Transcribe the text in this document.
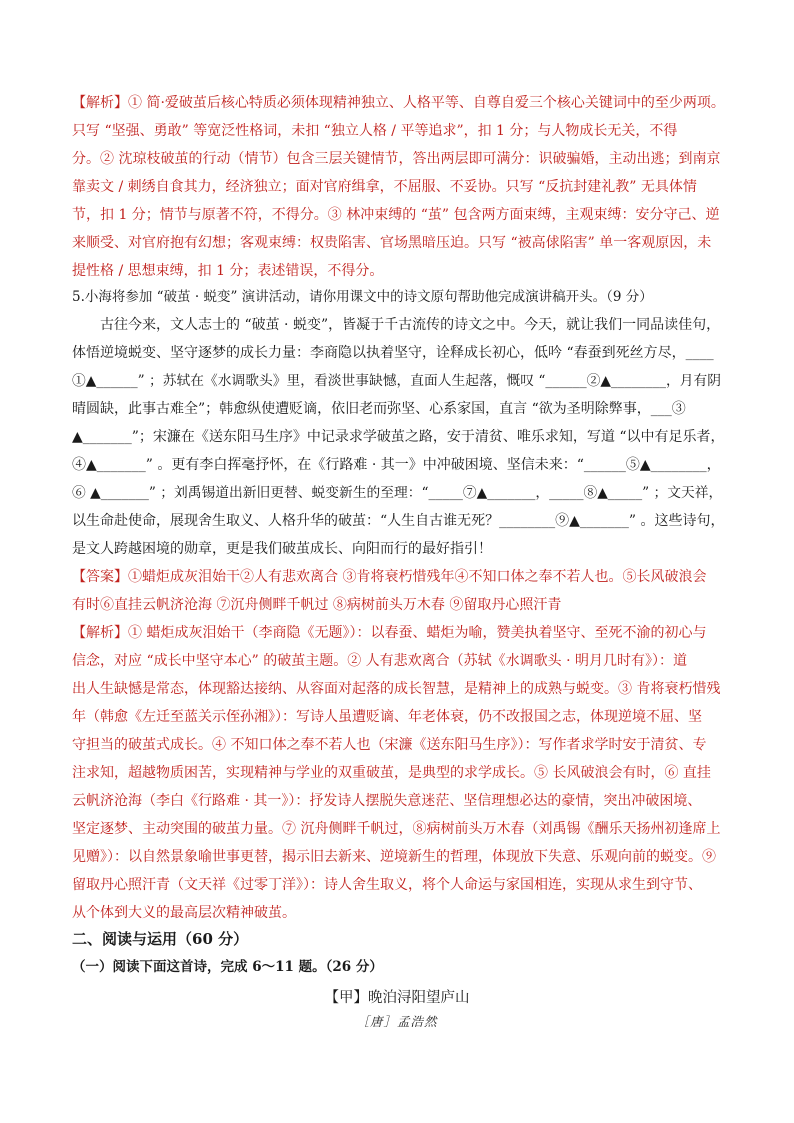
【解析】① 简·爱破茧后核心特质必须体现精神独立、人格平等、自尊自爱三个核心关键词中的至少两项。
只写 “坚强、勇敢” 等宽泛性格词，未扣 “独立人格 / 平等追求”，扣 1 分；与人物成长无关，不得
分。② 沈琼枝破茧的行动（情节）包含三层关键情节，答出两层即可满分：识破骗婚，主动出逃；到南京
靠卖文 / 刺绣自食其力，经济独立；面对官府缉拿，不屈服、不妥协。只写 “反抗封建礼教” 无具体情
节，扣 1 分；情节与原著不符，不得分。③ 林冲束缚的 “茧” 包含两方面束缚，主观束缚：安分守己、逆
来顺受、对官府抱有幻想；客观束缚：权贵陷害、官场黑暗压迫。只写 “被高俅陷害” 单一客观原因，未
提性格 / 思想束缚，扣 1 分；表述错误，不得分。
5.小海将参加 “破茧 · 蜕变” 演讲活动，请你用课文中的诗文原句帮助他完成演讲稿开头。（9 分）
古往今来，文人志士的 “破茧 · 蜕变”，皆凝于千古流传的诗文之中。今天，就让我们一同品读佳句，
体悟逆境蜕变、坚守逐梦的成长力量：李商隐以执着坚守，诠释成长初心，低吟 “春蚕到死丝方尽，____
①▲______” ；苏轼在《水调歌头》里，看淡世事缺憾，直面人生起落，慨叹 “______②▲________，月有阴
晴圆缺，此事古难全”；韩愈纵使遭贬谪，依旧老而弥坚、心系家国，直言 “欲为圣明除弊事，___③
▲_______”；宋濂在《送东阳马生序》中记录求学破茧之路，安于清贫、唯乐求知，写道 “以中有足乐者，
④▲_______” 。更有李白挥毫抒怀，在《行路难 · 其一》中冲破困境、坚信未来：“______⑤▲________，
⑥ ▲_______” ；刘禹锡道出新旧更替、蜕变新生的至理：“_____⑦▲_______，_____⑧▲_____” ；文天祥，
以生命赴使命，展现舍生取义、人格升华的破茧：“人生自古谁无死？________⑨▲_______” 。这些诗句，
是文人跨越困境的勋章，更是我们破茧成长、向阳而行的最好指引！
【答案】①蜡炬成灰泪始干②人有悲欢离合 ③肯将衰朽惜残年④不知口体之奉不若人也。⑤长风破浪会
有时⑥直挂云帆济沧海 ⑦沉舟侧畔千帆过 ⑧病树前头万木春 ⑨留取丹心照汗青
【解析】① 蜡炬成灰泪始干（李商隐《无题》）：以春蚕、蜡炬为喻，赞美执着坚守、至死不渝的初心与
信念，对应 “成长中坚守本心” 的破茧主题。② 人有悲欢离合（苏轼《水调歌头 · 明月几时有》）：道
出人生缺憾是常态，体现豁达接纳、从容面对起落的成长智慧，是精神上的成熟与蜕变。③ 肯将衰朽惜残
年（韩愈《左迁至蓝关示侄孙湘》）：写诗人虽遭贬谪、年老体衰，仍不改报国之志，体现逆境不屈、坚
守担当的破茧式成长。④ 不知口体之奉不若人也（宋濂《送东阳马生序》）：写作者求学时安于清贫、专
注求知，超越物质困苦，实现精神与学业的双重破茧，是典型的求学成长。⑤ 长风破浪会有时，⑥ 直挂
云帆济沧海（李白《行路难 · 其一》）：抒发诗人摆脱失意迷茫、坚信理想必达的豪情，突出冲破困境、
坚定逐梦、主动突围的破茧力量。⑦ 沉舟侧畔千帆过，⑧病树前头万木春（刘禹锡《酬乐天扬州初逢席上
见赠》）：以自然景象喻世事更替，揭示旧去新来、逆境新生的哲理，体现放下失意、乐观向前的蜕变。⑨
留取丹心照汗青（文天祥《过零丁洋》）：诗人舍生取义，将个人命运与家国相连，实现从求生到守节、
从个体到大义的最高层次精神破茧。
二、阅读与运用（60 分）
（一）阅读下面这首诗，完成 6～11 题。（26 分）
【甲】晚泊浔阳望庐山
［唐］孟浩然
